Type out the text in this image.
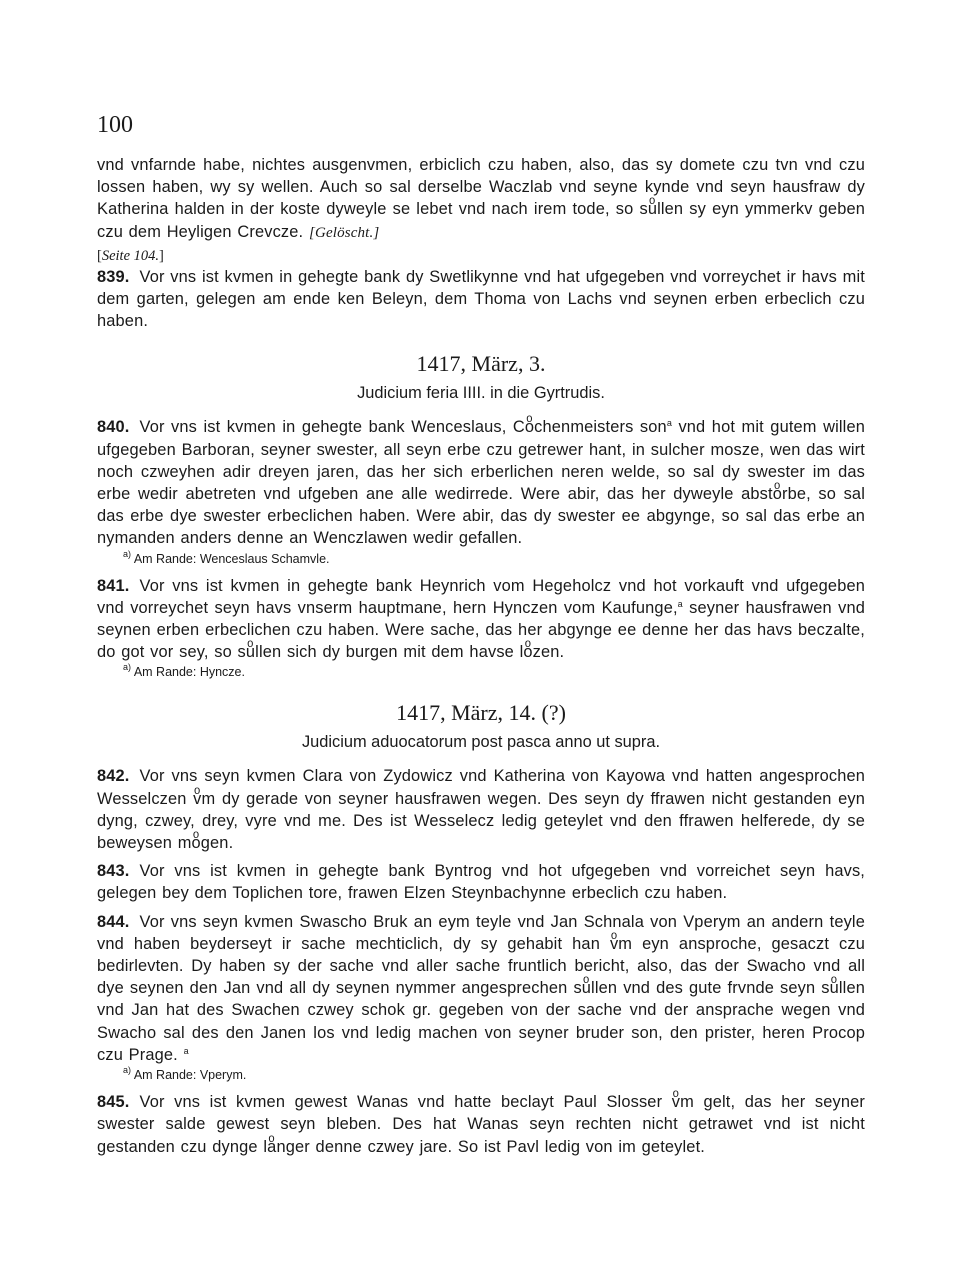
100

vnd vnfarnde habe, nichtes ausgenvmen, erbiclich czu haben, also, das sy domete czu tvn vnd czu lossen haben, wy sy wellen. Auch so sal derselbe Waczlab vnd seyne kynde vnd seyn hausfraw dy Katherina halden in der koste dyweyle se lebet vnd nach irem tode, so suͦllen sy eyn ymmerkv geben czu dem Heyligen Crevcze. [Gelöscht.]

[Seite 104.]

839. Vor vns ist kvmen in gehegte bank dy Swetlikynne vnd hat ufgegeben vnd vorreychet ir havs mit dem garten, gelegen am ende ken Beleyn, dem Thoma von Lachs vnd seynen erben erbeclich czu haben.

1417, März, 3.
Judicium feria IIII. in die Gyrtrudis.

840. Vor vns ist kvmen in gehegte bank Wenceslaus, Coͦchenmeisters son$^a$ vnd hot mit gutem willen ufgegeben Barboran, seyner swester, all seyn erbe czu getrewer hant, in sulcher mosze, wen das wirt noch czweyhen adir dreyen jaren, das her sich erberlichen neren welde, so sal dy swester im das erbe wedir abetreten vnd ufgeben ane alle wedirrede. Were abir, das her dyweyle abstoͦrbe, so sal das erbe dye swester erbeclichen haben. Were abir, das dy swester ee abgynge, so sal das erbe an nymanden anders denne an Wenczlawen wedir gefallen.

$^{a)}$ Am Rande: Wenceslaus Schamvle.

841. Vor vns ist kvmen in gehegte bank Heynrich vom Hegeholcz vnd hot vorkauft vnd ufgegeben vnd vorreychet seyn havs vnserm hauptmane, hern Hynczen vom Kaufunge,$^a$ seyner hausfrawen vnd seynen erben erbeclichen czu haben. Were sache, das her abgynge ee denne her das havs beczalte, do got vor sey, so suͦllen sich dy burgen mit dem havse loͦzen.

$^{a)}$ Am Rande: Hyncze.
1417, März, 14. (?)
Judicium aduocatorum post pasca anno ut supra.

842. Vor vns seyn kvmen Clara von Zydowicz vnd Katherina von Kayowa vnd hatten angesprochen Wesselczen vͦm dy gerade von seyner hausfrawen wegen. Des seyn dy ffrawen nicht gestanden eyn dyng, czwey, drey, vyre vnd me. Des ist Wesselecz ledig geteylet vnd den ffrawen helferede, dy se beweysen moͦgen.

843. Vor vns ist kvmen in gehegte bank Byntrog vnd hot ufgegeben vnd vorreichet seyn havs, gelegen bey dem Toplichen tore, frawen Elzen Steynbachynne erbeclich czu haben.

844. Vor vns seyn kvmen Swascho Bruk an eym teyle vnd Jan Schnala von Vperym an andern teyle vnd haben beyderseyt ir sache mechticlich, dy sy gehabit han vͦm eyn ansproche, gesaczt czu bedirlevten. Dy haben sy der sache vnd aller sache fruntlich bericht, also, das der Swacho vnd all dye seynen den Jan vnd all dy seynen nymmer angesprechen suͦllen vnd des gute frvnde seyn suͦllen vnd Jan hat des Swachen czwey schok gr. gegeben von der sache vnd der ansprache wegen vnd Swacho sal des den Janen los vnd ledig machen von seyner bruder son, den prister, heren Procop czu Prage. $^a$

$^{a)}$ Am Rande: Vperym.

845. Vor vns ist kvmen gewest Wanas vnd hatte beclayt Paul Slosser vͦm gelt, das her seyner swester salde gewest seyn bleben. Des hat Wanas seyn rechten nicht getrawet vnd ist nicht gestanden czu dynge laͦnger denne czwey jare. So ist Pavl ledig von im geteylet.
